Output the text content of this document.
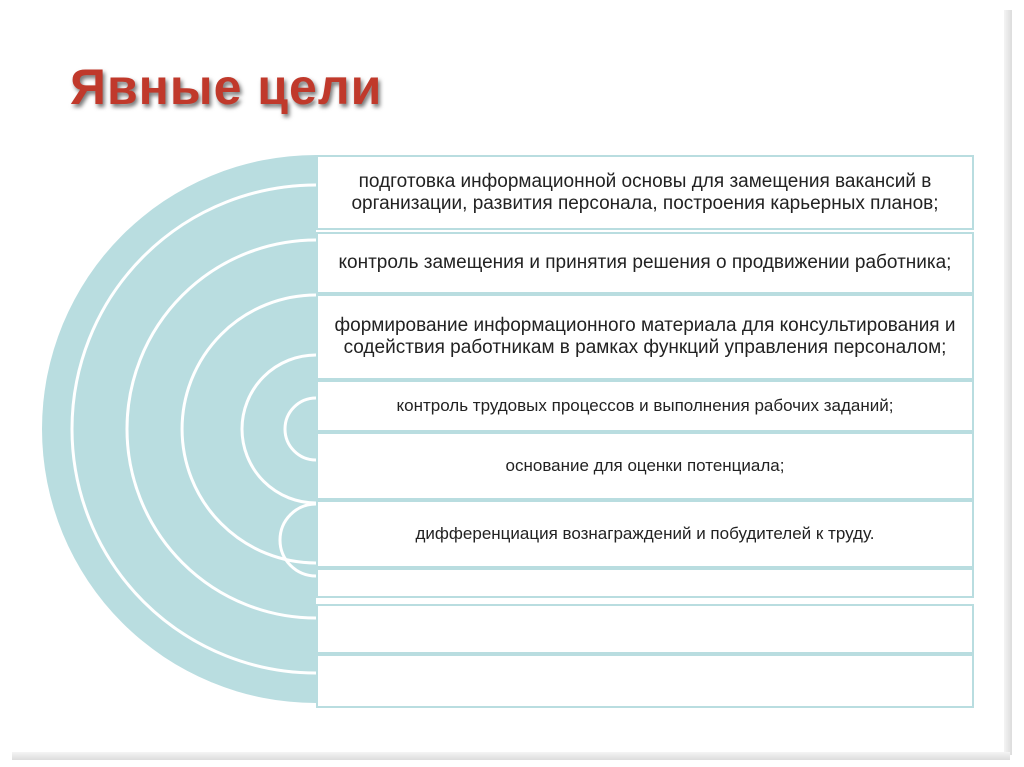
Явные цели
подготовка информационной основы для замещения вакансий в организации, развития персонала, построения карьерных планов;
контроль замещения и принятия решения о продвижении работника;
формирование информационного материала для консультирования и содействия работникам в рамках функций управления персоналом;
контроль трудовых процессов и выполнения рабочих заданий;
основание для оценки потенциала;
дифференциация вознаграждений и побудителей к труду.
